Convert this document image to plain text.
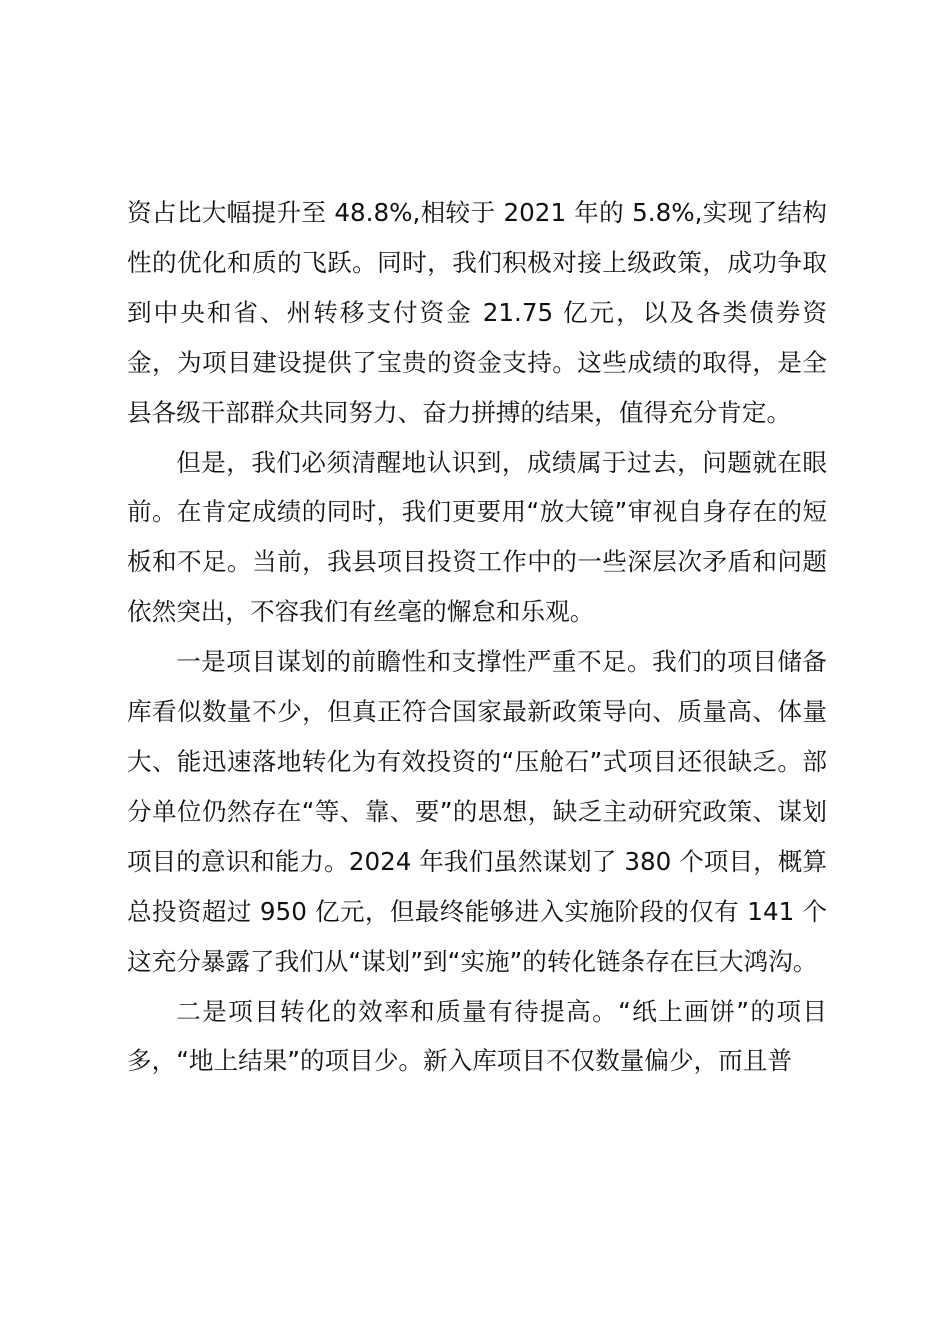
资占比大幅提升至 48.8%,相较于 2021 年的 5.8%,实现了结构性的优化和质的飞跃。同时，我们积极对接上级政策，成功争取到中央和省、州转移支付资金 21.75 亿元，以及各类债券资金，为项目建设提供了宝贵的资金支持。这些成绩的取得，是全县各级干部群众共同努力、奋力拼搏的结果，值得充分肯定。

但是，我们必须清醒地认识到，成绩属于过去，问题就在眼前。在肯定成绩的同时，我们更要用“放大镜”审视自身存在的短板和不足。当前，我县项目投资工作中的一些深层次矛盾和问题依然突出，不容我们有丝毫的懈怠和乐观。

一是项目谋划的前瞻性和支撑性严重不足。我们的项目储备库看似数量不少，但真正符合国家最新政策导向、质量高、体量大、能迅速落地转化为有效投资的“压舱石”式项目还很缺乏。部分单位仍然存在“等、靠、要”的思想，缺乏主动研究政策、谋划项目的意识和能力。2024 年我们虽然谋划了 380 个项目，概算总投资超过 950 亿元，但最终能够进入实施阶段的仅有 141 个这充分暴露了我们从“谋划”到“实施”的转化链条存在巨大鸿沟。

二是项目转化的效率和质量有待提高。“纸上画饼”的项目多，“地上结果”的项目少。新入库项目不仅数量偏少，而且普
